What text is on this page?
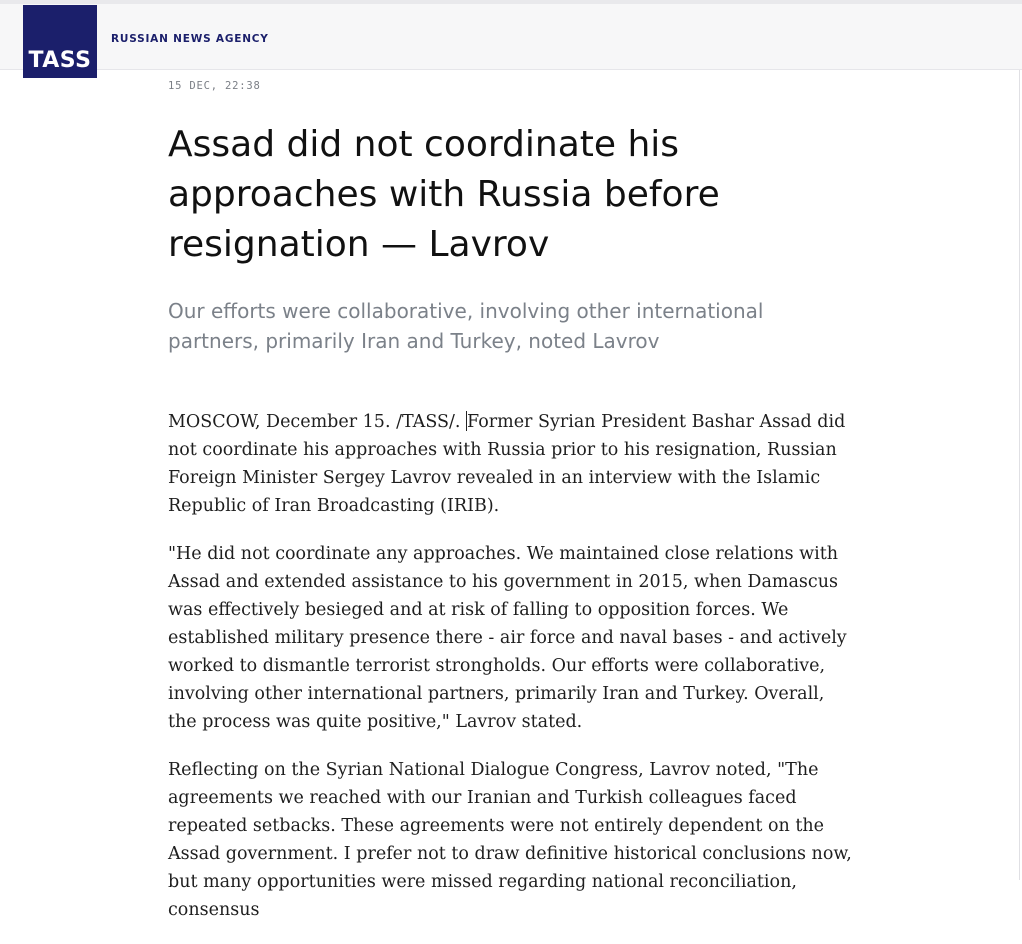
RUSSIAN NEWS AGENCY
TASS
15 DEC, 22:38
Assad did not coordinate his approaches with Russia before resignation — Lavrov
Our efforts were collaborative, involving other international partners, primarily Iran and Turkey, noted Lavrov

MOSCOW, December 15. /TASS/. Former Syrian President Bashar Assad did not coordinate his approaches with Russia prior to his resignation, Russian Foreign Minister Sergey Lavrov revealed in an interview with the Islamic Republic of Iran Broadcasting (IRIB).

"He did not coordinate any approaches. We maintained close relations with Assad and extended assistance to his government in 2015, when Damascus was effectively besieged and at risk of falling to opposition forces. We established military presence there - air force and naval bases - and actively worked to dismantle terrorist strongholds. Our efforts were collaborative, involving other international partners, primarily Iran and Turkey. Overall, the process was quite positive," Lavrov stated.

Reflecting on the Syrian National Dialogue Congress, Lavrov noted, "The agreements we reached with our Iranian and Turkish colleagues faced repeated setbacks. These agreements were not entirely dependent on the Assad government. I prefer not to draw definitive historical conclusions now, but many opportunities were missed regarding national reconciliation, consensus
